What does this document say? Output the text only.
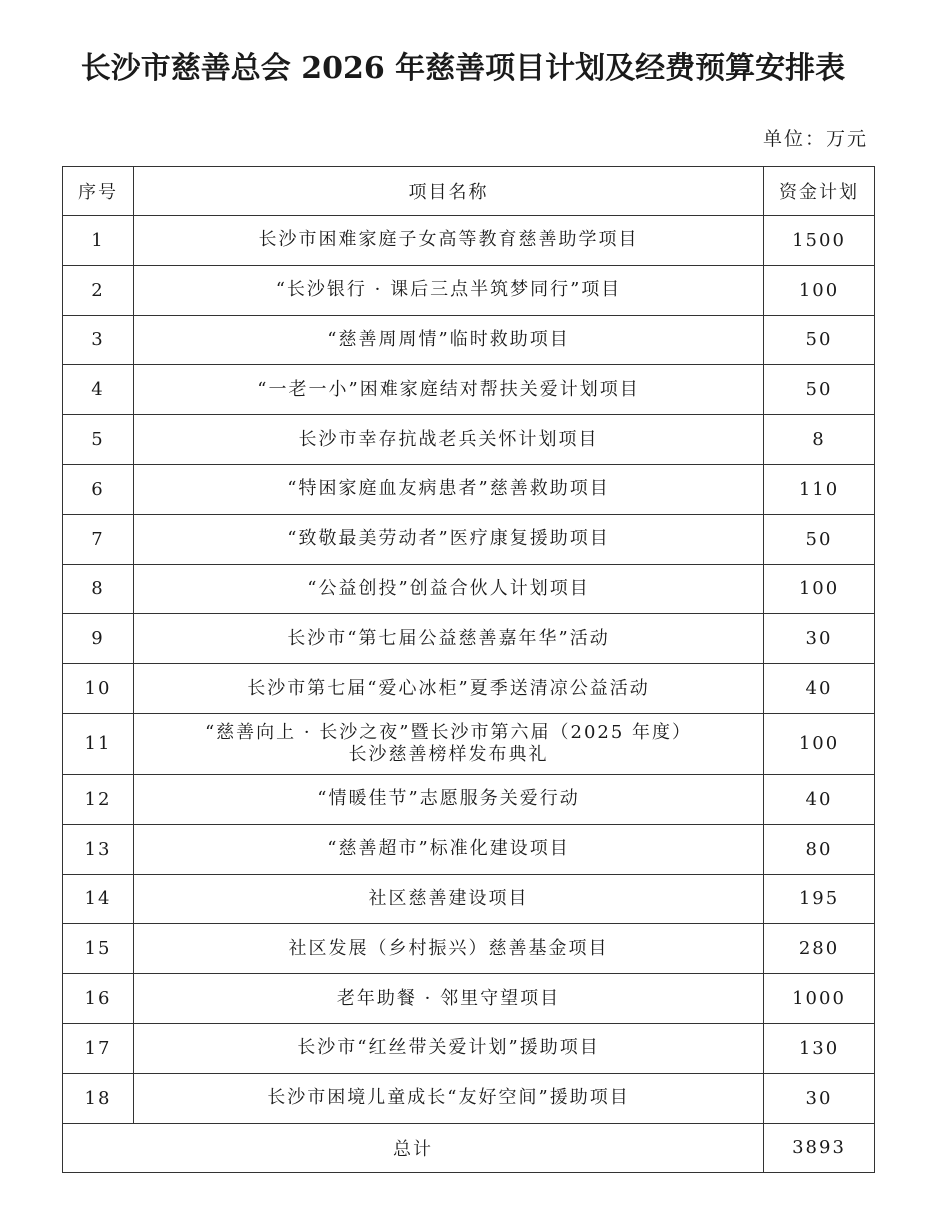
长沙市慈善总会 2026 年慈善项目计划及经费预算安排表
单位：万元
序号	项目名称	资金计划
1	长沙市困难家庭子女高等教育慈善助学项目	1500
2	“长沙银行 · 课后三点半筑梦同行”项目	100
3	“慈善周周情”临时救助项目	50
4	“一老一小”困难家庭结对帮扶关爱计划项目	50
5	长沙市幸存抗战老兵关怀计划项目	8
6	“特困家庭血友病患者”慈善救助项目	110
7	“致敬最美劳动者”医疗康复援助项目	50
8	“公益创投”创益合伙人计划项目	100
9	长沙市“第七届公益慈善嘉年华”活动	30
10	长沙市第七届“爱心冰柜”夏季送清凉公益活动	40
11	“慈善向上 · 长沙之夜”暨长沙市第六届（2025 年度）
长沙慈善榜样发布典礼	100
12	“情暖佳节”志愿服务关爱行动	40
13	“慈善超市”标准化建设项目	80
14	社区慈善建设项目	195
15	社区发展（乡村振兴）慈善基金项目	280
16	老年助餐 · 邻里守望项目	1000
17	长沙市“红丝带关爱计划”援助项目	130
18	长沙市困境儿童成长“友好空间”援助项目	30
总计		3893
